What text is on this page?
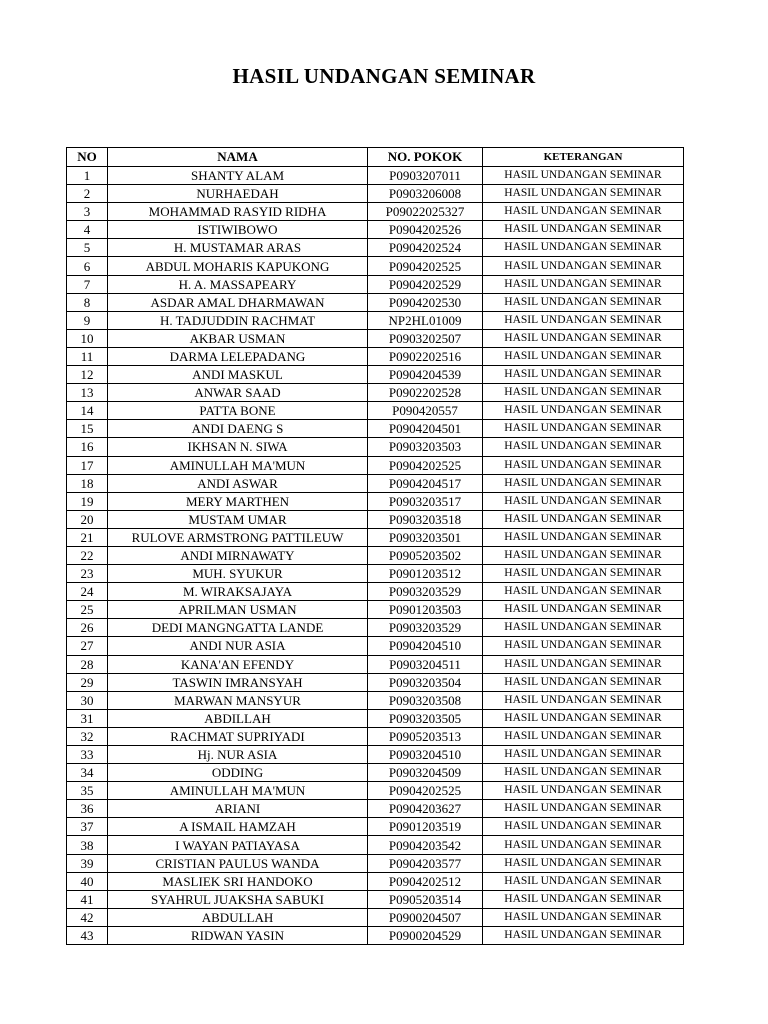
HASIL UNDANGAN SEMINAR
NO	NAMA	NO. POKOK	KETERANGAN
1	SHANTY ALAM	P0903207011	HASIL UNDANGAN SEMINAR
2	NURHAEDAH	P0903206008	HASIL UNDANGAN SEMINAR
3	MOHAMMAD RASYID RIDHA	P09022025327	HASIL UNDANGAN SEMINAR
4	ISTIWIBOWO	P0904202526	HASIL UNDANGAN SEMINAR
5	H. MUSTAMAR ARAS	P0904202524	HASIL UNDANGAN SEMINAR
6	ABDUL MOHARIS KAPUKONG	P0904202525	HASIL UNDANGAN SEMINAR
7	H. A. MASSAPEARY	P0904202529	HASIL UNDANGAN SEMINAR
8	ASDAR AMAL DHARMAWAN	P0904202530	HASIL UNDANGAN SEMINAR
9	H. TADJUDDIN RACHMAT	NP2HL01009	HASIL UNDANGAN SEMINAR
10	AKBAR USMAN	P0903202507	HASIL UNDANGAN SEMINAR
11	DARMA LELEPADANG	P0902202516	HASIL UNDANGAN SEMINAR
12	ANDI MASKUL	P0904204539	HASIL UNDANGAN SEMINAR
13	ANWAR SAAD	P0902202528	HASIL UNDANGAN SEMINAR
14	PATTA BONE	P090420557	HASIL UNDANGAN SEMINAR
15	ANDI DAENG S	P0904204501	HASIL UNDANGAN SEMINAR
16	IKHSAN N. SIWA	P0903203503	HASIL UNDANGAN SEMINAR
17	AMINULLAH MA'MUN	P0904202525	HASIL UNDANGAN SEMINAR
18	ANDI ASWAR	P0904204517	HASIL UNDANGAN SEMINAR
19	MERY MARTHEN	P0903203517	HASIL UNDANGAN SEMINAR
20	MUSTAM UMAR	P0903203518	HASIL UNDANGAN SEMINAR
21	RULOVE ARMSTRONG PATTILEUW	P0903203501	HASIL UNDANGAN SEMINAR
22	ANDI MIRNAWATY	P0905203502	HASIL UNDANGAN SEMINAR
23	MUH. SYUKUR	P0901203512	HASIL UNDANGAN SEMINAR
24	M. WIRAKSAJAYA	P0903203529	HASIL UNDANGAN SEMINAR
25	APRILMAN USMAN	P0901203503	HASIL UNDANGAN SEMINAR
26	DEDI MANGNGATTA LANDE	P0903203529	HASIL UNDANGAN SEMINAR
27	ANDI NUR ASIA	P0904204510	HASIL UNDANGAN SEMINAR
28	KANA'AN EFENDY	P0903204511	HASIL UNDANGAN SEMINAR
29	TASWIN IMRANSYAH	P0903203504	HASIL UNDANGAN SEMINAR
30	MARWAN MANSYUR	P0903203508	HASIL UNDANGAN SEMINAR
31	ABDILLAH	P0903203505	HASIL UNDANGAN SEMINAR
32	RACHMAT SUPRIYADI	P0905203513	HASIL UNDANGAN SEMINAR
33	Hj. NUR ASIA	P0903204510	HASIL UNDANGAN SEMINAR
34	ODDING	P0903204509	HASIL UNDANGAN SEMINAR
35	AMINULLAH MA'MUN	P0904202525	HASIL UNDANGAN SEMINAR
36	ARIANI	P0904203627	HASIL UNDANGAN SEMINAR
37	A ISMAIL HAMZAH	P0901203519	HASIL UNDANGAN SEMINAR
38	I WAYAN PATIAYASA	P0904203542	HASIL UNDANGAN SEMINAR
39	CRISTIAN PAULUS WANDA	P0904203577	HASIL UNDANGAN SEMINAR
40	MASLIEK SRI HANDOKO	P0904202512	HASIL UNDANGAN SEMINAR
41	SYAHRUL JUAKSHA SABUKI	P0905203514	HASIL UNDANGAN SEMINAR
42	ABDULLAH	P0900204507	HASIL UNDANGAN SEMINAR
43	RIDWAN YASIN	P0900204529	HASIL UNDANGAN SEMINAR
